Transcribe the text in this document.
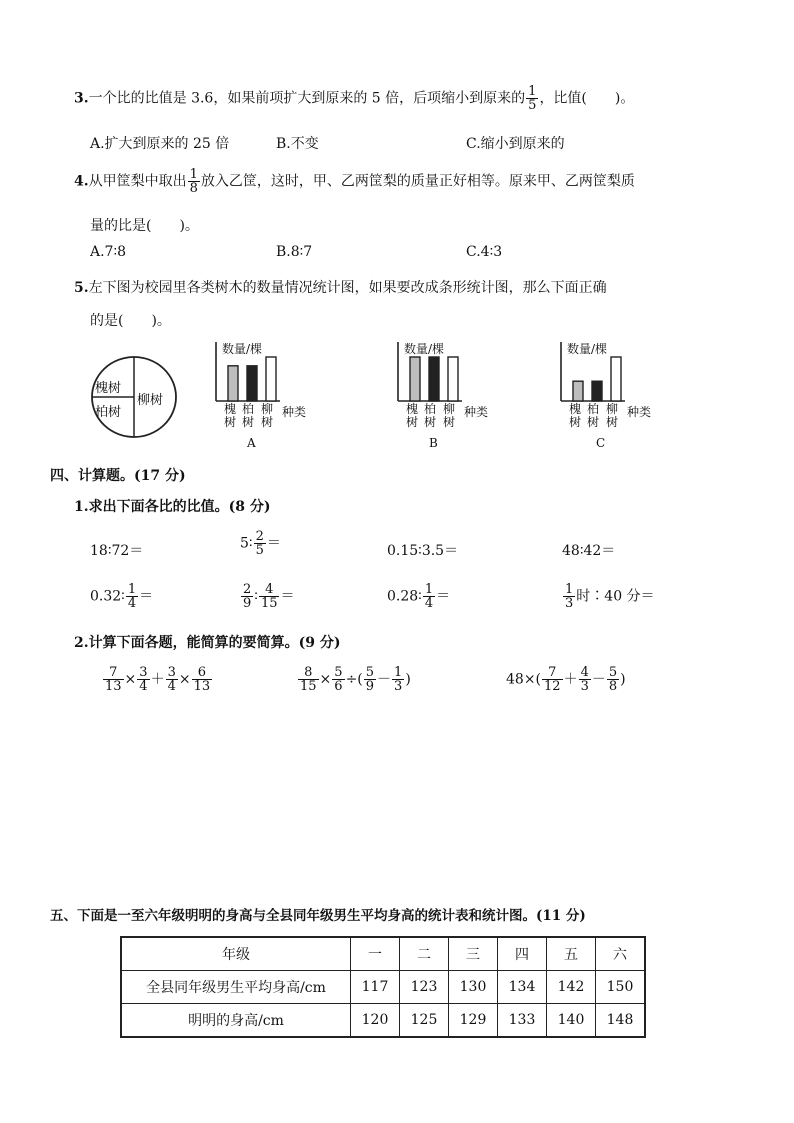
3.一个比的比值是 3.6，如果前项扩大到原来的 5 倍，后项缩小到原来的 $\frac{1}{5}$ ，比值(　　)。
A.扩大到原来的 25 倍	B.不变	C.缩小到原来的
4.从甲筐梨中取出 $\frac{1}{8}$ 放入乙筐，这时，甲、乙两筐梨的质量正好相等。原来甲、乙两筐梨质
量的比是(　　)。
A.7∶8	B.8∶7	C.4∶3
5.左下图为校园里各类树木的数量情况统计图，如果要改成条形统计图，那么下面正确
的是(　　)。
槐树
柏树
柳树
数量/棵
种类
槐树
柏树
柳树
A
数量/棵
种类
槐树
柏树
柳树
B
数量/棵
种类
槐树
柏树
柳树
C
四、计算题。(17 分)
1.求出下面各比的比值。(8 分)
18∶72＝	5∶ $\frac{2}{5}$ ＝	0.15∶3.5＝	48∶42＝
0.32∶ $\frac{1}{4}$ ＝	$\frac{2}{9}$ ∶ $\frac{4}{15}$ ＝	0.28∶ $\frac{1}{4}$ ＝	$\frac{1}{3}$ 时∶40 分＝
2.计算下面各题，能简算的要简算。(9 分)
$\frac{7}{13} \times \frac{3}{4} + \frac{3}{4} \times \frac{6}{13}$	$\frac{8}{15} \times \frac{5}{6}$ ÷( $\frac{5}{9} - \frac{1}{3}$ )	$48\times( \frac{7}{12} + \frac{4}{3} - \frac{5}{8}$ )
五、下面是一至六年级明明的身高与全县同年级男生平均身高的统计表和统计图。(11 分)
年级	一	二	三	四	五	六
全县同年级男生平均身高/cm	117	123	130	134	142	150
明明的身高/cm	120	125	129	133	140	148
